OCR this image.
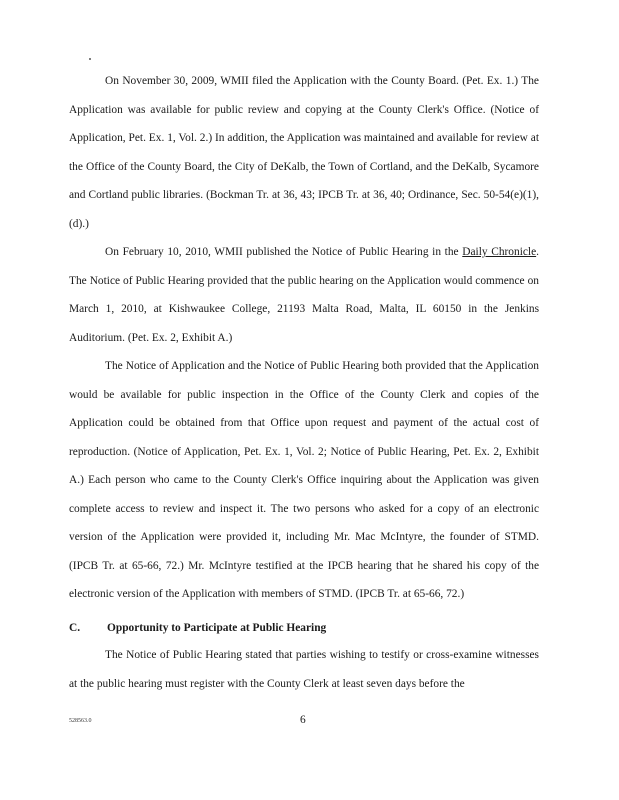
On November 30, 2009, WMII filed the Application with the County Board. (Pet. Ex. 1.) The Application was available for public review and copying at the County Clerk's Office. (Notice of Application, Pet. Ex. 1, Vol. 2.) In addition, the Application was maintained and available for review at the Office of the County Board, the City of DeKalb, the Town of Cortland, and the DeKalb, Sycamore and Cortland public libraries. (Bockman Tr. at 36, 43; IPCB Tr. at 36, 40; Ordinance, Sec. 50-54(e)(1), (d).)

On February 10, 2010, WMII published the Notice of Public Hearing in the Daily Chronicle. The Notice of Public Hearing provided that the public hearing on the Application would commence on March 1, 2010, at Kishwaukee College, 21193 Malta Road, Malta, IL 60150 in the Jenkins Auditorium. (Pet. Ex. 2, Exhibit A.)

The Notice of Application and the Notice of Public Hearing both provided that the Application would be available for public inspection in the Office of the County Clerk and copies of the Application could be obtained from that Office upon request and payment of the actual cost of reproduction. (Notice of Application, Pet. Ex. 1, Vol. 2; Notice of Public Hearing, Pet. Ex. 2, Exhibit A.) Each person who came to the County Clerk's Office inquiring about the Application was given complete access to review and inspect it. The two persons who asked for a copy of an electronic version of the Application were provided it, including Mr. Mac McIntyre, the founder of STMD. (IPCB Tr. at 65-66, 72.) Mr. McIntyre testified at the IPCB hearing that he shared his copy of the electronic version of the Application with members of STMD. (IPCB Tr. at 65-66, 72.)

C. Opportunity to Participate at Public Hearing

The Notice of Public Hearing stated that parties wishing to testify or cross-examine witnesses at the public hearing must register with the County Clerk at least seven days before the

528563.0	6
